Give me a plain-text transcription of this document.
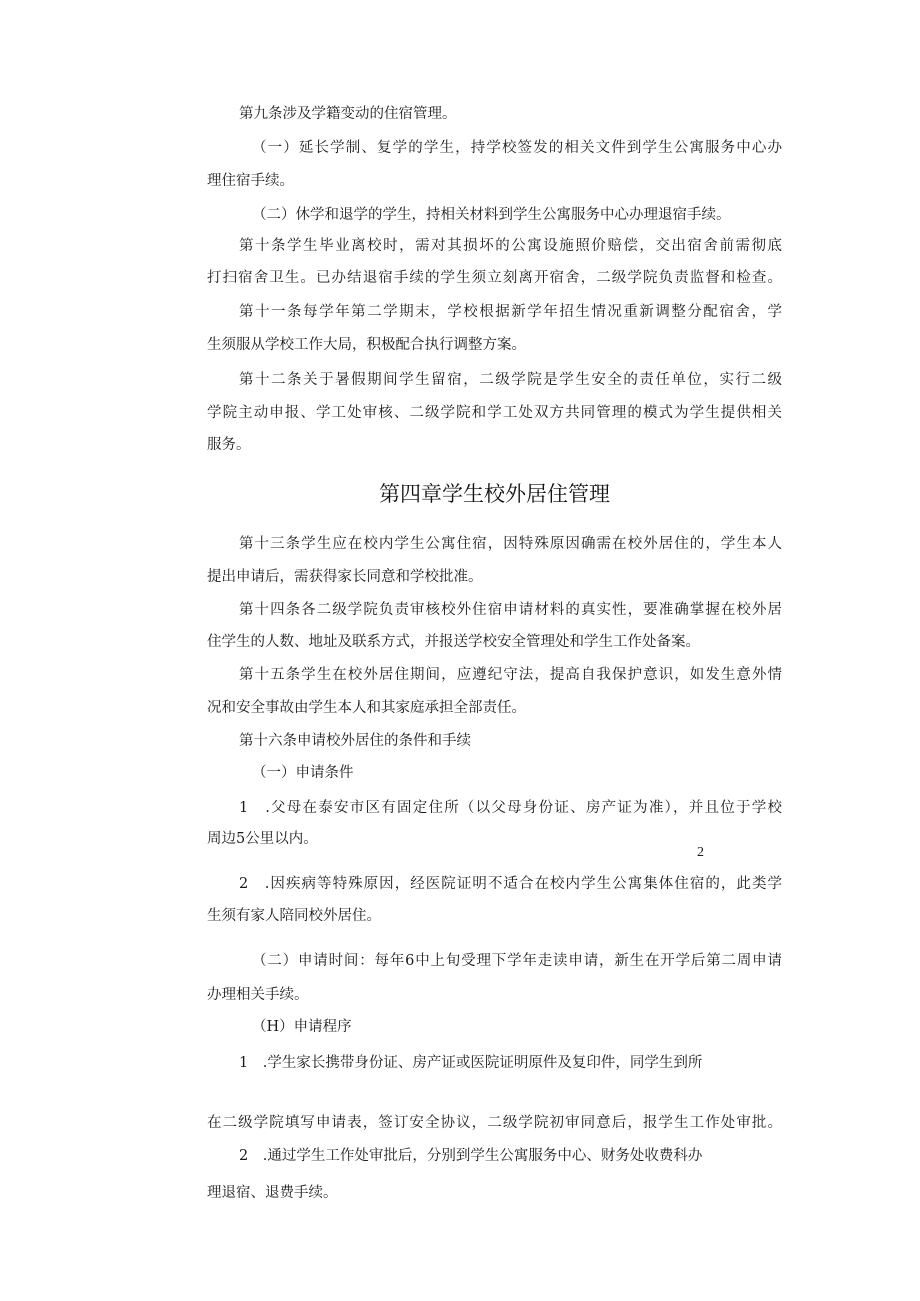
第九条涉及学籍变动的住宿管理。
（一）延长学制、复学的学生，持学校签发的相关文件到学生公寓服务中心办
理住宿手续。
（二）休学和退学的学生，持相关材料到学生公寓服务中心办理退宿手续。
第十条学生毕业离校时，需对其损坏的公寓设施照价赔偿，交出宿舍前需彻底
打扫宿舍卫生。已办结退宿手续的学生须立刻离开宿舍，二级学院负责监督和检查。
第十一条每学年第二学期末，学校根据新学年招生情况重新调整分配宿舍，学
生须服从学校工作大局，积极配合执行调整方案。
第十二条关于暑假期间学生留宿，二级学院是学生安全的责任单位，实行二级
学院主动申报、学工处审核、二级学院和学工处双方共同管理的模式为学生提供相关
服务。
第四章学生校外居住管理
第十三条学生应在校内学生公寓住宿，因特殊原因确需在校外居住的，学生本人
提出申请后，需获得家长同意和学校批准。
第十四条各二级学院负责审核校外住宿申请材料的真实性，要准确掌握在校外居
住学生的人数、地址及联系方式，并报送学校安全管理处和学生工作处备案。
第十五条学生在校外居住期间，应遵纪守法，提高自我保护意识，如发生意外情
况和安全事故由学生本人和其家庭承担全部责任。
第十六条申请校外居住的条件和手续
（一）申请条件
1　.父母在泰安市区有固定住所（以父母身份证、房产证为准），并且位于学校
周边5公里以内。
2
2　.因疾病等特殊原因，经医院证明不适合在校内学生公寓集体住宿的，此类学
生须有家人陪同校外居住。
（二）申请时间：每年6中上旬受理下学年走读申请，新生在开学后第二周申请
办理相关手续。
（H）申请程序
1　.学生家长携带身份证、房产证或医院证明原件及复印件，同学生到所
在二级学院填写申请表，签订安全协议，二级学院初审同意后，报学生工作处审批。
2　.通过学生工作处审批后，分别到学生公寓服务中心、财务处收费科办
理退宿、退费手续。
